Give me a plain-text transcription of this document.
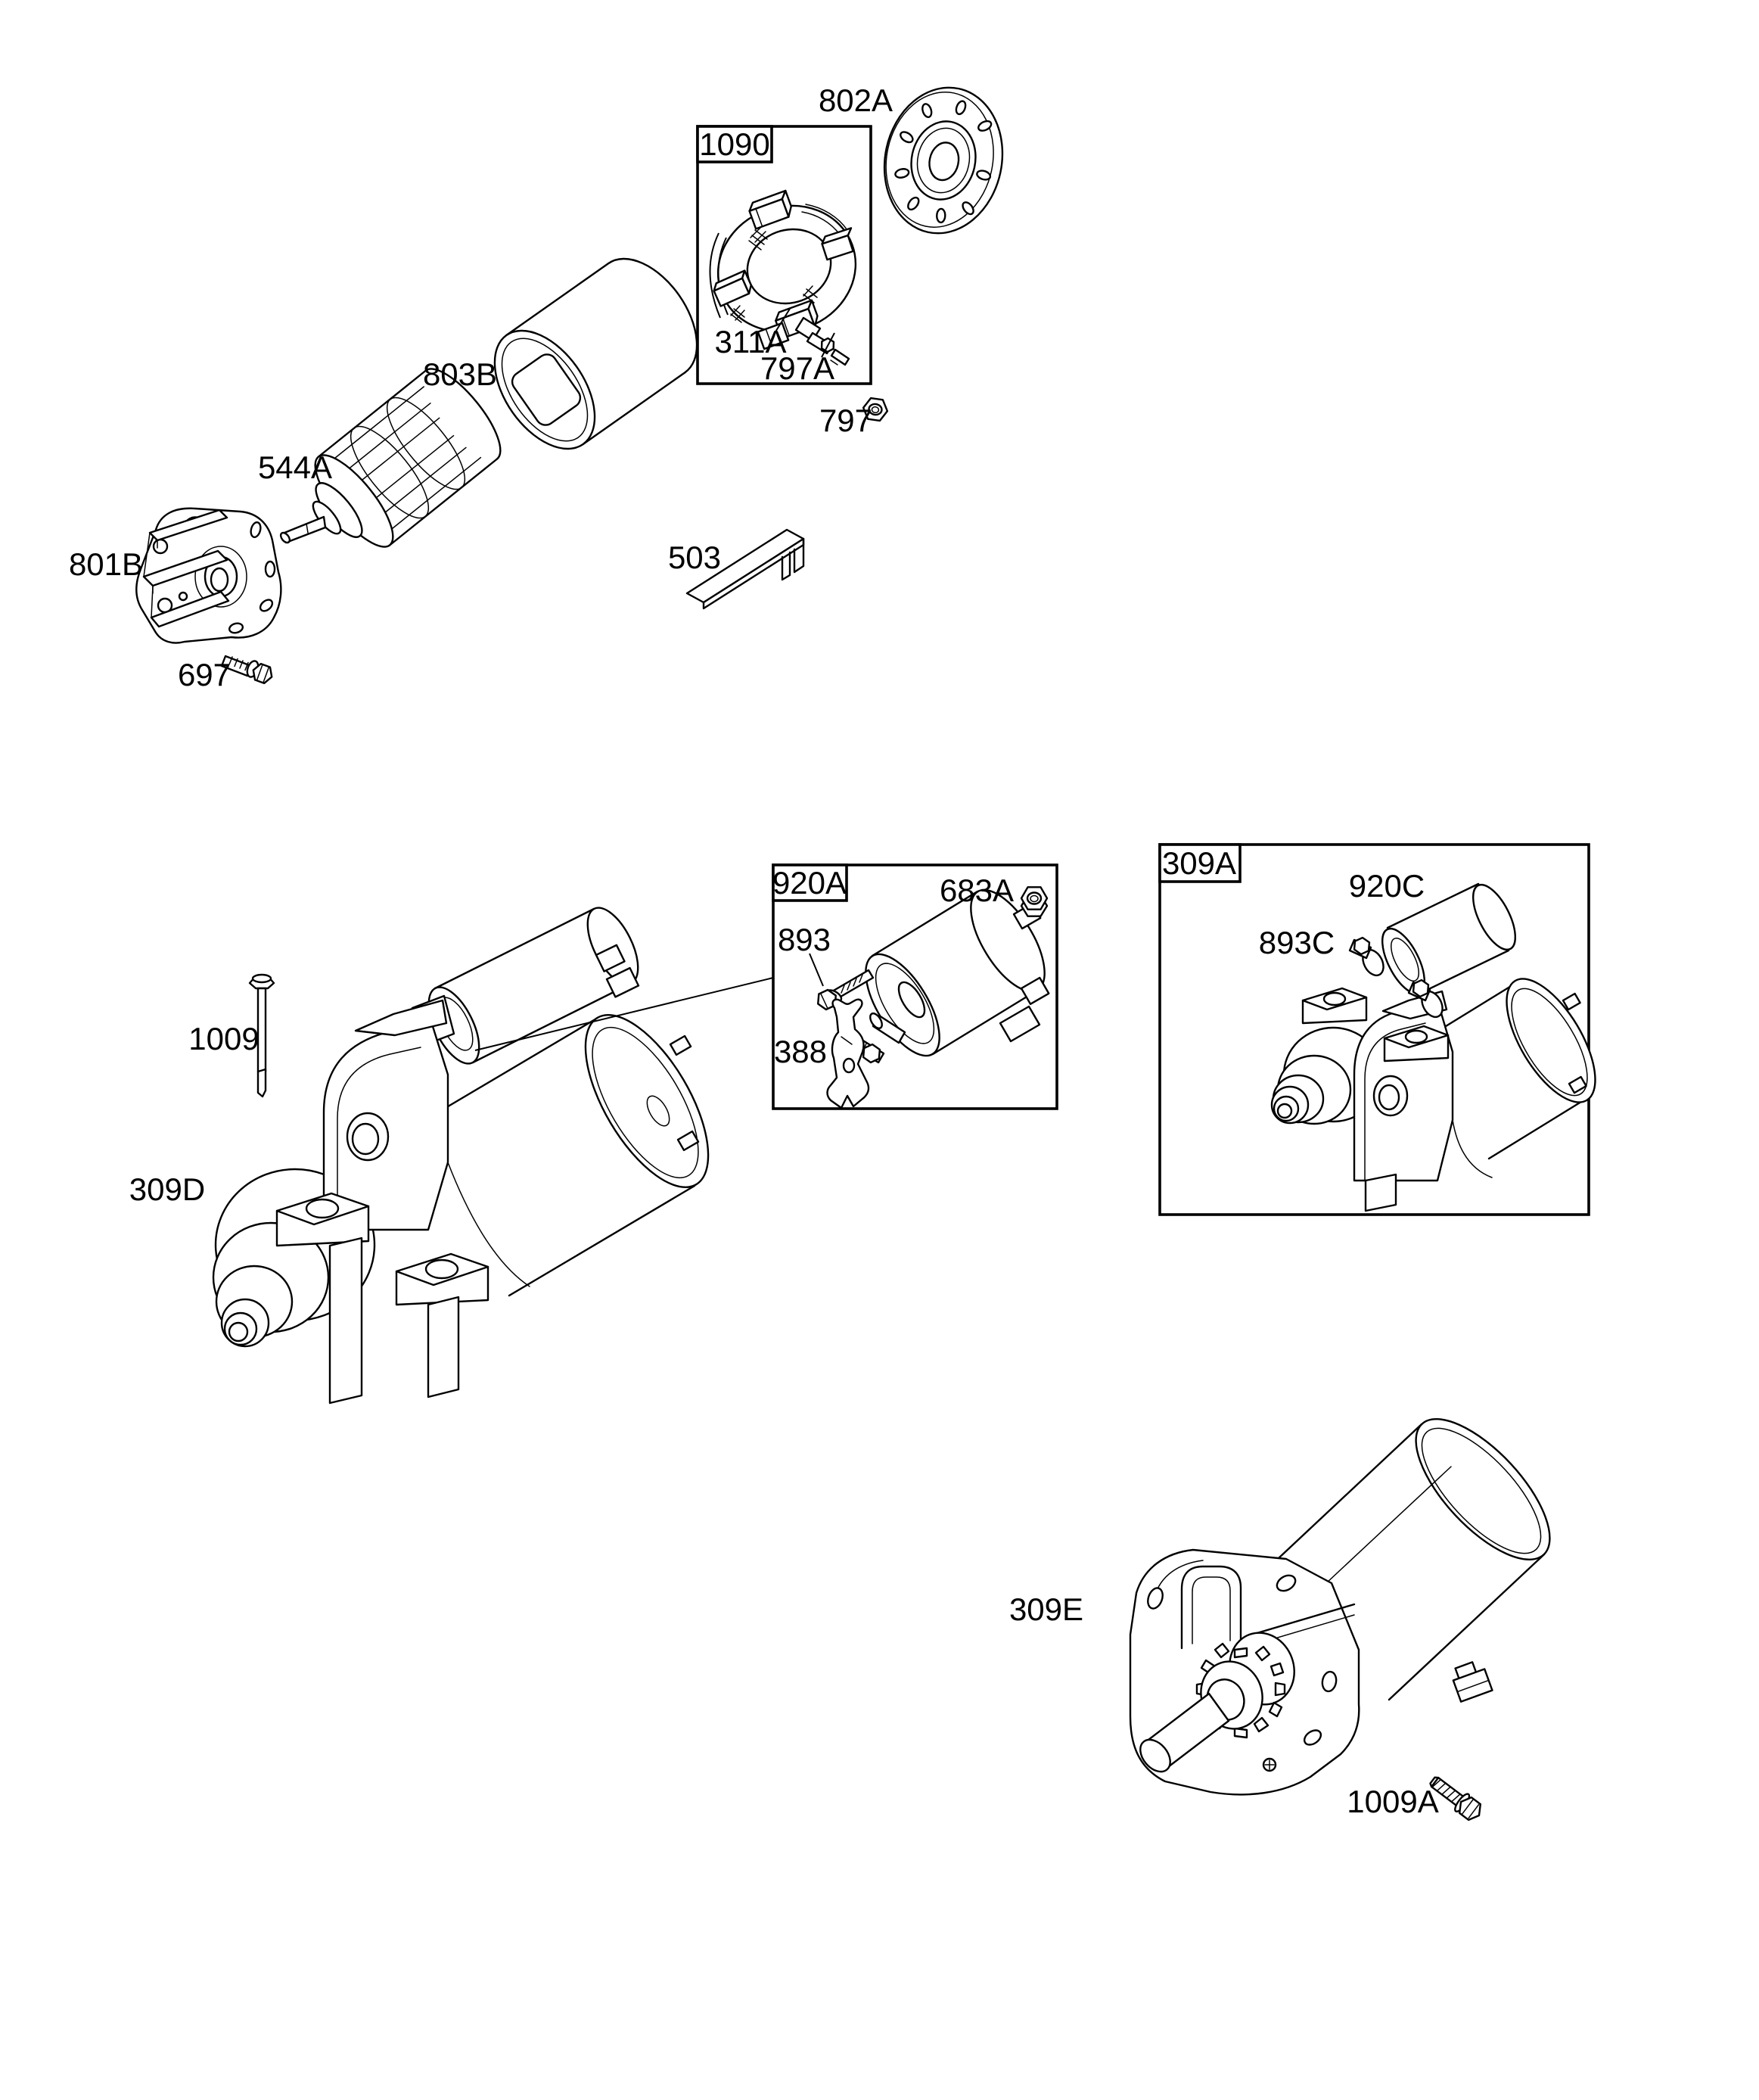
802A
1090
311A
797A
797
803B
544A
801B
697
503
920A	683A
893
388
1009
309D
309A
920C
893C
309E
1009A
